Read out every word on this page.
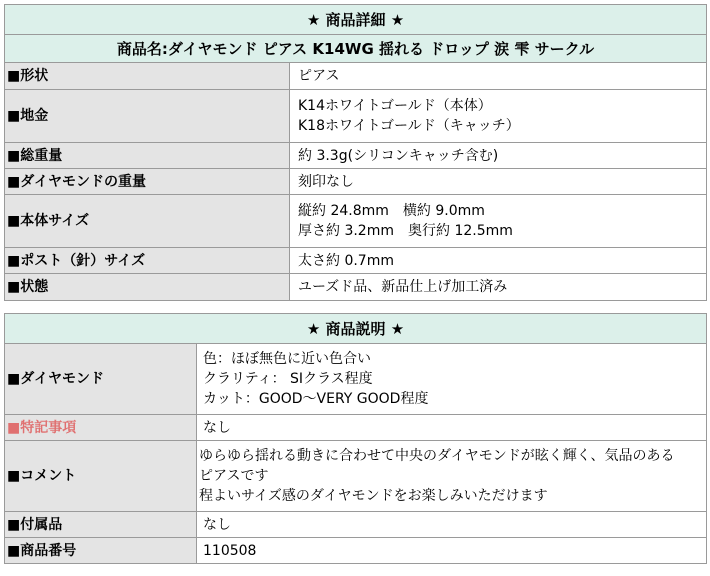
★ 商品詳細 ★	
商品名:ダイヤモンド ピアス K14WG 揺れる ドロップ 涙 雫 サークル	
■形状	ピアス
■地金	K14ホワイトゴールド（本体）
K18ホワイトゴールド（キャッチ）

■総重量	約 3.3g(シリコンキャッチ含む)
■ダイヤモンドの重量	刻印なし
■本体サイズ	縦約 24.8mm　横約 9.0mm
厚さ約 3.2mm　奥行約 12.5mm

■ポスト（針）サイズ	太さ約 0.7mm
■状態	ユーズド品、新品仕上げ加工済み
★ 商品説明 ★	
■ダイヤモンド	色：ほぼ無色に近い色合い
クラリティ： SIクラス程度
カット：GOOD～VERY GOOD程度

■特記事項	なし
■コメント	ゆらゆら揺れる動きに合わせて中央のダイヤモンドが眩く輝く、気品のある
ピアスです
程よいサイズ感のダイヤモンドをお楽しみいただけます

■付属品	なし
■商品番号	110508
